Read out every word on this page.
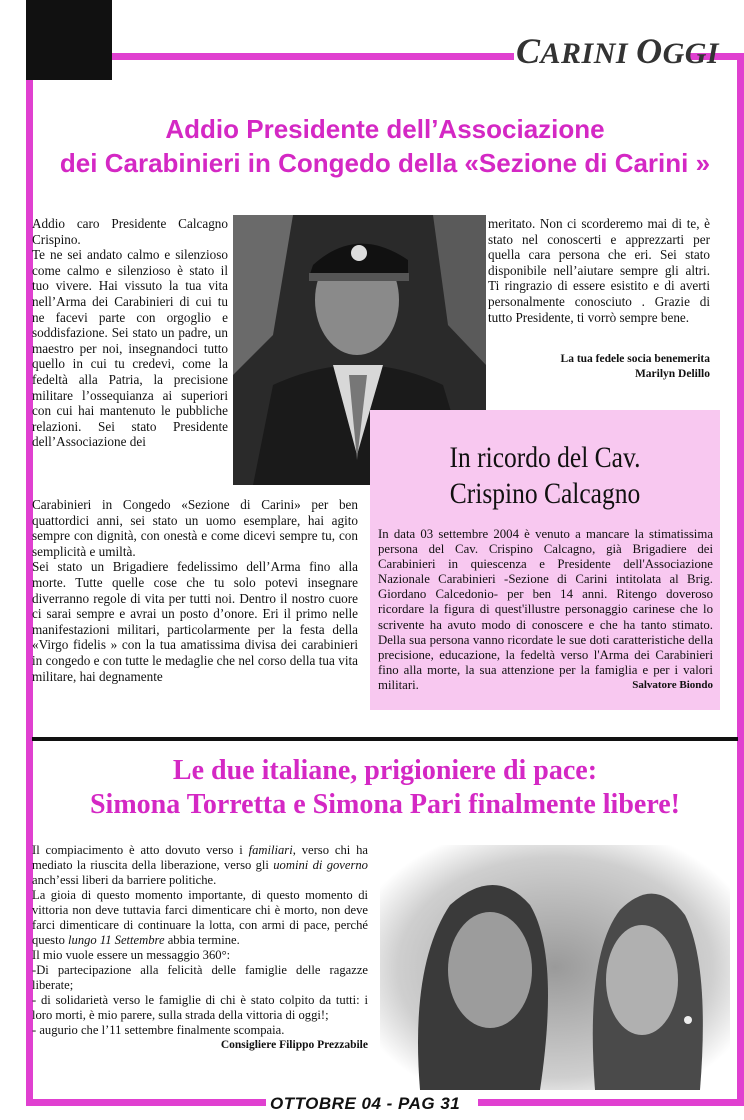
CARINI OGGI
Addio Presidente dell’Associazione
dei Carabinieri in Congedo della «Sezione di Carini »

Addio caro Presidente Calcagno Crispino.

Te ne sei andato calmo e silenzioso come calmo e silenzioso è stato il tuo vivere. Hai vissuto la tua vita nell’Arma dei Carabinieri di cui tu ne facevi parte con orgoglio e soddisfazione. Sei stato un padre, un maestro per noi, insegnandoci tutto quello in cui tu credevi, come la fedeltà alla Patria, la precisione militare l’ossequianza ai superiori con cui hai mantenuto le pubbliche relazioni. Sei stato Presidente dell’Associazione dei

Carabinieri in Congedo «Sezione di Carini» per ben quattordici anni, sei stato un uomo esemplare, hai agito sempre con dignità, con onestà e come dicevi sempre tu, con semplicità e umiltà.

Sei stato un Brigadiere fedelissimo dell’Arma fino alla morte. Tutte quelle cose che tu solo potevi insegnare diverranno regole di vita per tutti noi. Dentro il nostro cuore ci sarai sempre e avrai un posto d’onore. Eri il primo nelle manifestazioni militari, particolarmente per la festa della «Virgo fidelis » con la tua amatissima divisa dei carabinieri in congedo e con tutte le medaglie che nel corso della tua vita militare, hai degnamente

meritato. Non ci scorderemo mai di te, è stato nel conoscerti e apprezzarti per quella cara persona che eri. Sei stato disponibile nell’aiutare sempre gli altri. Ti ringrazio di essere esistito e di averti personalmente conosciuto . Grazie di tutto Presidente, ti vorrò sempre bene.

La tua fedele socia benemerita
Marilyn Delillo
In ricordo del Cav.
Crispino Calcagno
In data 03 settembre 2004 è venuto a mancare la stimatissima persona del Cav. Crispino Calcagno, già Brigadiere dei Carabinieri in quiescenza e Presidente dell'Associazione Nazionale Carabinieri -Sezione di Carini intitolata al Brig. Giordano Calcedonio- per ben 14 anni. Ritengo doveroso ricordare la figura di quest'illustre personaggio carinese che lo scrivente ha avuto modo di conoscere e che ha tanto stimato. Della sua persona vanno ricordate le sue doti caratteristiche della precisione, educazione, la fedeltà verso l'Arma dei Carabinieri fino alla morte, la sua attenzione per la famiglia e per i valori militari.	Salvatore Biondo
Le due italiane, prigioniere di pace:
Simona Torretta e Simona Pari finalmente libere!

Il compiacimento è atto dovuto verso i familiari, verso chi ha mediato la riuscita della liberazione, verso gli uomini di governo anch’essi liberi da barriere politiche.

La gioia di questo momento importante, di questo momento di vittoria non deve tuttavia farci dimenticare chi è morto, non deve farci dimenticare di continuare la lotta, con armi di pace, perché questo lungo 11 Settembre abbia termine.

Il mio vuole essere un messaggio 360°:

-Di partecipazione alla felicità delle famiglie delle ragazze liberate;

- di solidarietà verso le famiglie di chi è stato colpito da tutti: i loro morti, è mio parere, sulla strada della vittoria di oggi!;

- augurio che l’11 settembre finalmente scompaia.

Consigliere Filippo Prezzabile

OTTOBRE 04 - PAG 31
